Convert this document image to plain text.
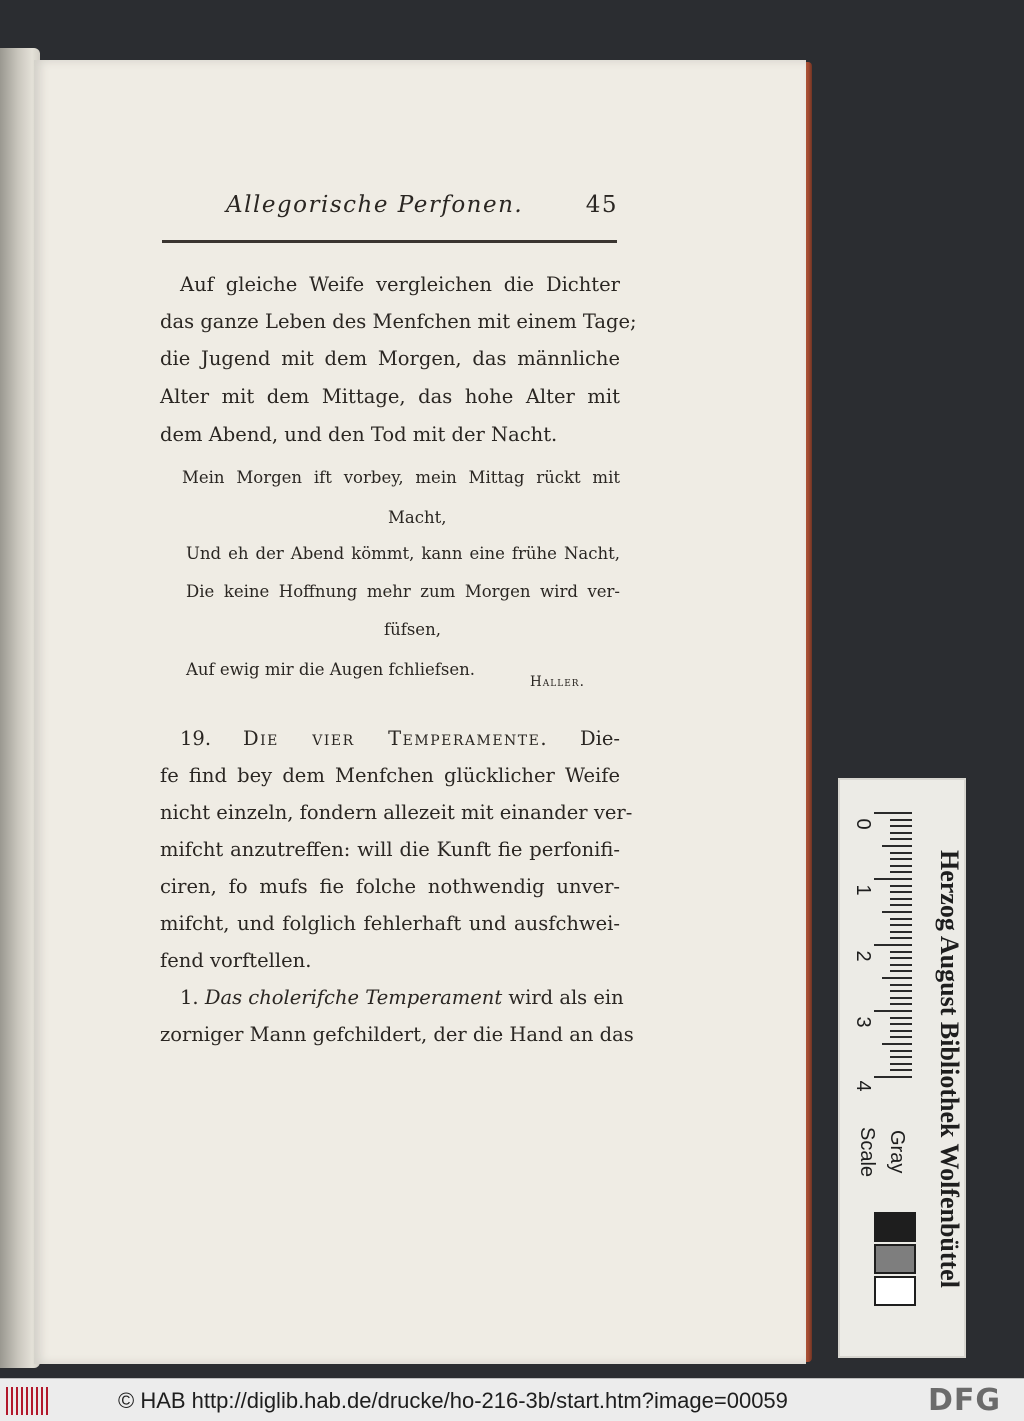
Allegorische Perfonen.	45
Auf gleiche Weife vergleichen die Dichter
das ganze Leben des Menfchen mit einem Tage;
die Jugend mit dem Morgen, das männliche
Alter mit dem Mittage, das hohe Alter mit
dem Abend, und den Tod mit der Nacht.
Mein Morgen ift vorbey, mein Mittag rückt mit
Macht,
Und eh der Abend kömmt, kann eine frühe Nacht,
Die keine Hoffnung mehr zum Morgen wird ver-
füfsen,
Auf ewig mir die Augen fchliefsen.
Haller.
19. Die vier Temperamente. Die-
fe find bey dem Menfchen glücklicher Weife
nicht einzeln, fondern allezeit mit einander ver-
mifcht anzutreffen: will die Kunft fie perfonifi-
ciren, fo mufs fie folche nothwendig unver-
mifcht, und folglich fehlerhaft und ausfchwei-
fend vorftellen.
1. Das cholerifche Temperament wird als ein
zorniger Mann gefchildert, der die Hand an das	Herzog August Bibliothek Wolfenbüttel
0
1
2
3
4
Gray Scale
© HAB http://diglib.hab.de/drucke/ho-216-3b/start.htm?image=00059	DFG
